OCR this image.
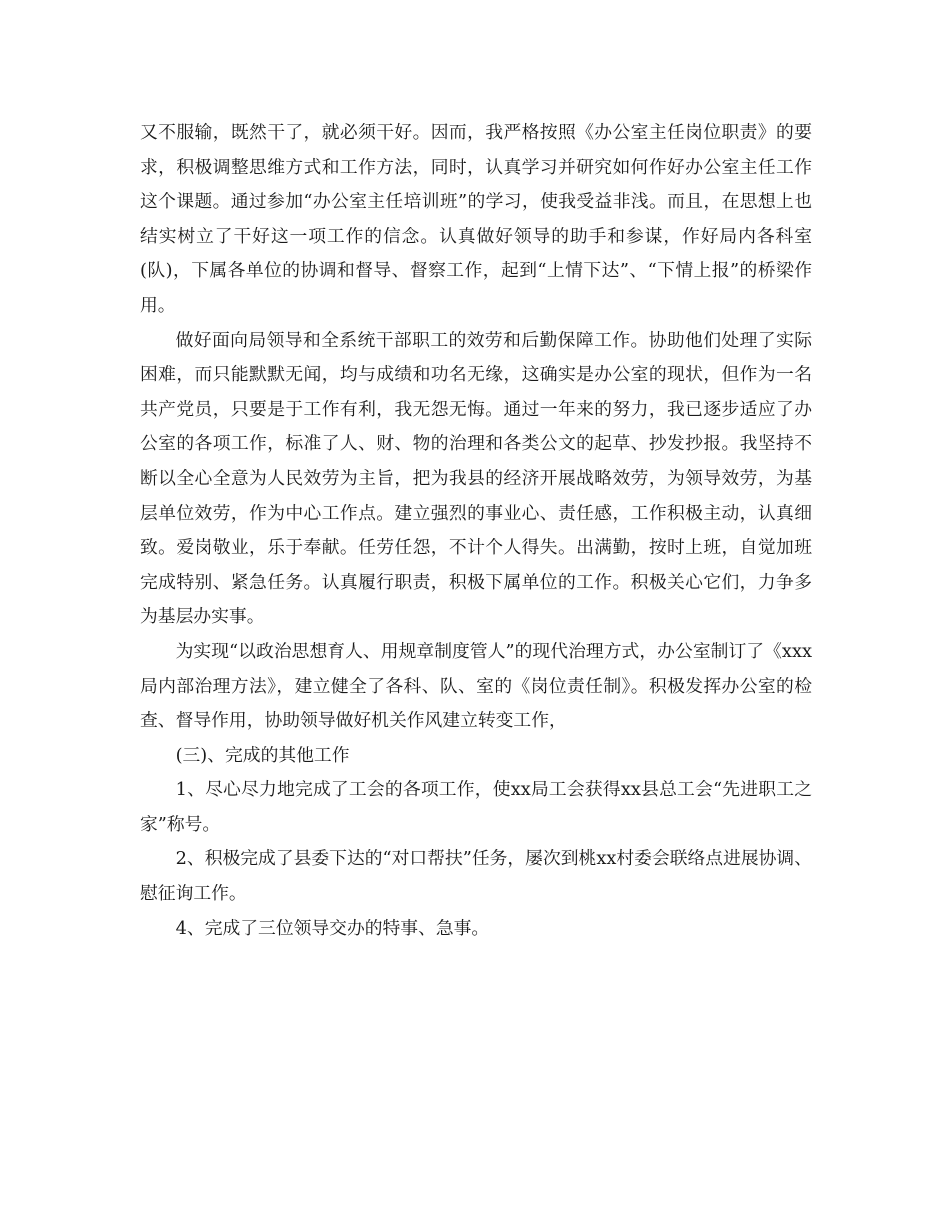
又不服输，既然干了，就必须干好。因而，我严格按照《办公室主任岗位职责》的要求，积极调整思维方式和工作方法，同时，认真学习并研究如何作好办公室主任工作这个课题。通过参加“办公室主任培训班”的学习，使我受益非浅。而且，在思想上也结实树立了干好这一项工作的信念。认真做好领导的助手和参谋，作好局内各科室(队)，下属各单位的协调和督导、督察工作，起到“上情下达”、“下情上报”的桥梁作用。

做好面向局领导和全系统干部职工的效劳和后勤保障工作。协助他们处理了实际困难，而只能默默无闻，均与成绩和功名无缘，这确实是办公室的现状，但作为一名共产党员，只要是于工作有利，我无怨无悔。通过一年来的努力，我已逐步适应了办公室的各项工作，标准了人、财、物的治理和各类公文的起草、抄发抄报。我坚持不断以全心全意为人民效劳为主旨，把为我县的经济开展战略效劳，为领导效劳，为基层单位效劳，作为中心工作点。建立强烈的事业心、责任感，工作积极主动，认真细致。爱岗敬业，乐于奉献。任劳任怨，不计个人得失。出满勤，按时上班，自觉加班完成特别、紧急任务。认真履行职责，积极下属单位的工作。积极关心它们，力争多为基层办实事。

为实现“以政治思想育人、用规章制度管人”的现代治理方式，办公室制订了《xxx局内部治理方法》，建立健全了各科、队、室的《岗位责任制》。积极发挥办公室的检查、督导作用，协助领导做好机关作风建立转变工作，

(三)、完成的其他工作

1、尽心尽力地完成了工会的各项工作，使xx局工会获得xx县总工会“先进职工之家”称号。

2、积极完成了县委下达的“对口帮扶”任务，屡次到桃xx村委会联络点进展协调、慰征询工作。

4、完成了三位领导交办的特事、急事。
